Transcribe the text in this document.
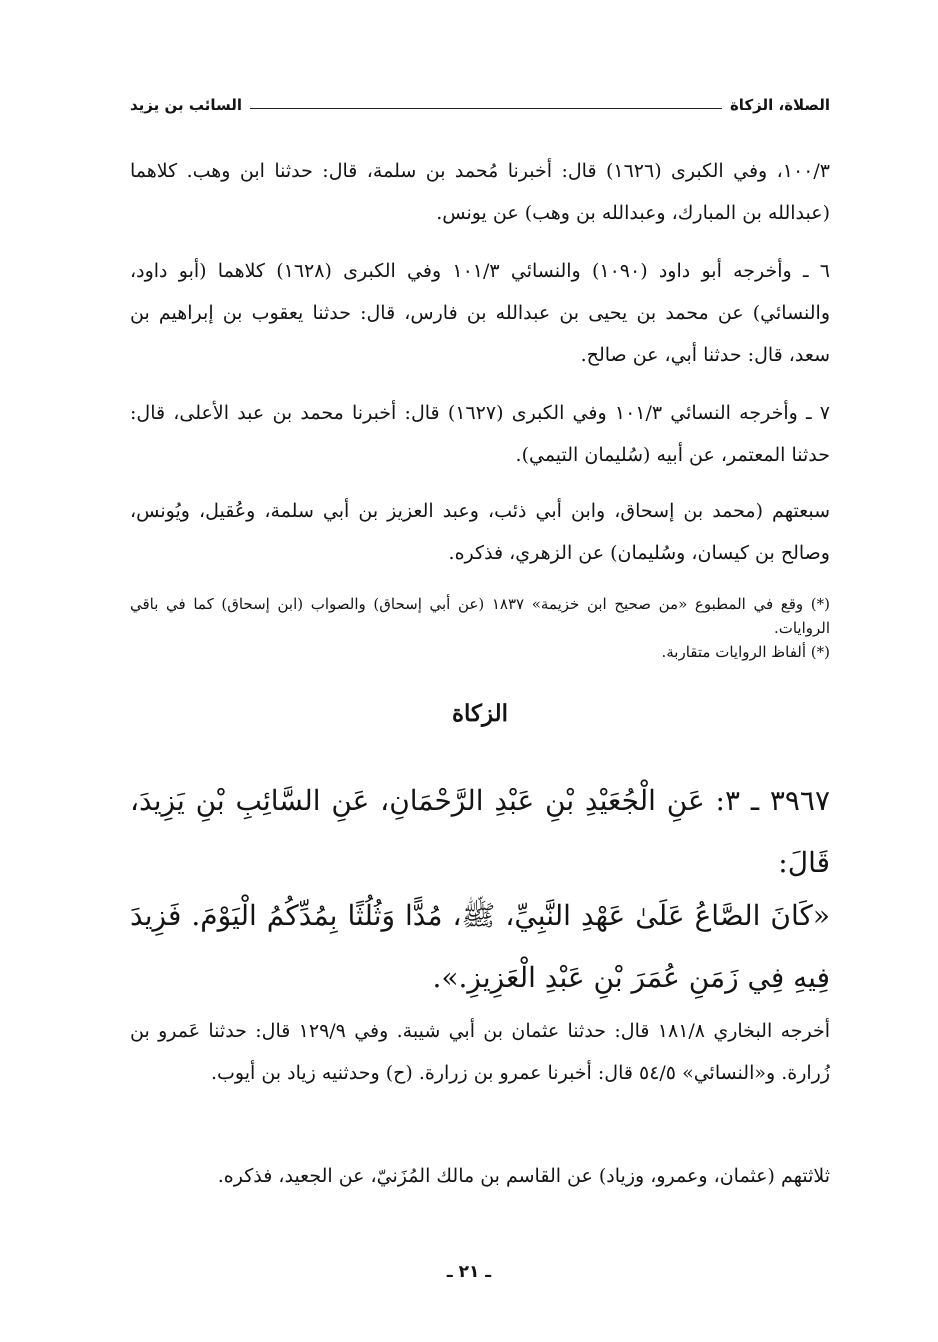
الصلاة، الزكاة
السائب بن يزيد

١٠٠/٣، وفي الكبرى (١٦٢٦) قال: أخبرنا مُحمد بن سلمة، قال: حدثنا ابن وهب. كلاهما (عبدالله بن المبارك، وعبدالله بن وهب) عن يونس.

٦ ـ وأخرجه أبو داود (١٠٩٠) والنسائي ١٠١/٣ وفي الكبرى (١٦٢٨) كلاهما (أبو داود، والنسائي) عن محمد بن يحيى بن عبدالله بن فارس، قال: حدثنا يعقوب بن إبراهيم بن سعد، قال: حدثنا أبي، عن صالح.

٧ ـ وأخرجه النسائي ١٠١/٣ وفي الكبرى (١٦٢٧) قال: أخبرنا محمد بن عبد الأعلى، قال: حدثنا المعتمر، عن أبيه (سُليمان التيمي).

سبعتهم (محمد بن إسحاق، وابن أبي ذئب، وعبد العزيز بن أبي سلمة، وعُقيل، ويُونس، وصالح بن كيسان، وسُليمان) عن الزهري، فذكره.

(*) وقع في المطبوع «من صحيح ابن خزيمة» ١٨٣٧ (عن أبي إسحاق) والصواب (ابن إسحاق) كما في باقي الروايات.

(*) ألفاظ الروايات متقاربة.

الزكاة

٣٩٦٧ ـ ٣: عَنِ الْجُعَيْدِ بْنِ عَبْدِ الرَّحْمَانِ، عَنِ السَّائِبِ بْنِ يَزِيدَ، قَالَ:

«كَانَ الصَّاعُ عَلَىٰ عَهْدِ النَّبِيِّ، ﷺ، مُدًّا وَثُلُثًا بِمُدِّكُمُ الْيَوْمَ. فَزِيدَ فِيهِ فِي زَمَنِ عُمَرَ بْنِ عَبْدِ الْعَزِيزِ.».

أخرجه البخاري ١٨١/٨ قال: حدثنا عثمان بن أبي شيبة. وفي ١٢٩/٩ قال: حدثنا عَمرو بن زُرارة. و«النسائي» ٥٤/٥ قال: أخبرنا عمرو بن زرارة. (ح) وحدثنيه زياد بن أيوب.

ثلاثتهم (عثمان، وعمرو، وزياد) عن القاسم بن مالك المُزَنيّ، عن الجعيد، فذكره.

ـ ٢١ ـ
